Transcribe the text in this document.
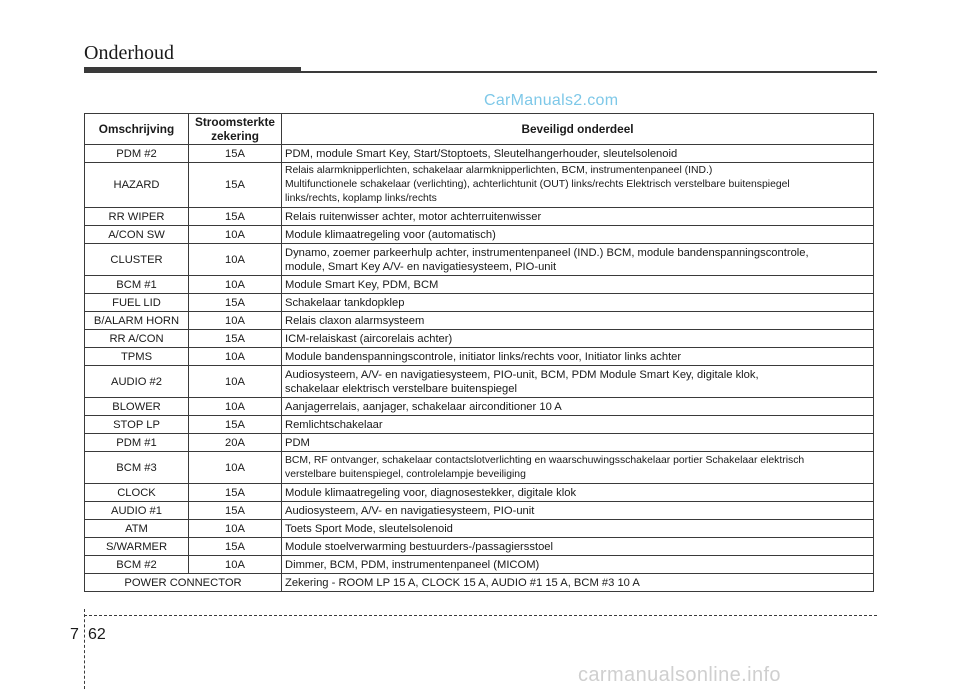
Onderhoud
CarManuals2.com
Omschrijving	Stroomsterkte zekering	Beveiligd onderdeel
PDM #2	15A	PDM, module Smart Key, Start/Stoptoets, Sleutelhangerhouder, sleutelsolenoid

HAZARD	15A	Relais alarmknipperlichten, schakelaar alarmknipperlichten, BCM, instrumentenpaneel (IND.)
Multifunctionele schakelaar (verlichting), achterlichtunit (OUT) links/rechts Elektrisch verstelbare buitenspiegel
links/rechts, koplamp links/rechts

RR WIPER	15A	Relais ruitenwisser achter, motor achterruitenwisser

A/CON SW	10A	Module klimaatregeling voor (automatisch)

CLUSTER	10A	Dynamo, zoemer parkeerhulp achter, instrumentenpaneel (IND.) BCM, module bandenspanningscontrole,
module, Smart Key A/V- en navigatiesysteem, PIO-unit

BCM #1	10A	Module Smart Key, PDM, BCM

FUEL LID	15A	Schakelaar tankdopklep

B/ALARM HORN	10A	Relais claxon alarmsysteem

RR A/CON	15A	ICM-relaiskast (aircorelais achter)

TPMS	10A	Module bandenspanningscontrole, initiator links/rechts voor, Initiator links achter

AUDIO #2	10A	Audiosysteem, A/V- en navigatiesysteem, PIO-unit, BCM, PDM Module Smart Key, digitale klok,
schakelaar elektrisch verstelbare buitenspiegel

BLOWER	10A	Aanjagerrelais, aanjager, schakelaar airconditioner 10 A

STOP LP	15A	Remlichtschakelaar

PDM #1	20A	PDM

BCM #3	10A	BCM, RF ontvanger, schakelaar contactslotverlichting en waarschuwingsschakelaar portier Schakelaar elektrisch
verstelbare buitenspiegel, controlelampje beveiliging

CLOCK	15A	Module klimaatregeling voor, diagnosestekker, digitale klok

AUDIO #1	15A	Audiosysteem, A/V- en navigatiesysteem, PIO-unit

ATM	10A	Toets Sport Mode, sleutelsolenoid

S/WARMER	15A	Module stoelverwarming bestuurders-/passagiersstoel

BCM #2	10A	Dimmer, BCM, PDM, instrumentenpaneel (MICOM)

POWER CONNECTOR		Zekering - ROOM LP 15 A, CLOCK 15 A, AUDIO #1 15 A, BCM #3 10 A
7 62
carmanualsonline.info
